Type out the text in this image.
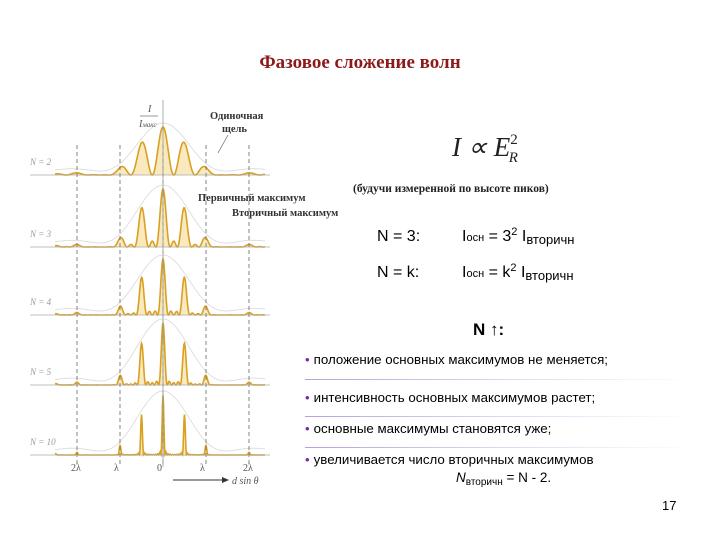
Фазовое сложение волн
I
Iмакс
Одиночная
щель
Первичный максимум
Вторичный максимум
N = 2
N = 3
N = 4
N = 5
N = 10
2λ	λ	0	λ	2λ
d sin θ
$I \propto E^2_R$
(будучи измеренной по высоте пиков)
N = 3:	Iосн = $3^2$ Iвторичн
N = k:	Iосн = $k^2$ Iвторичн
N ↑:
• положение основных максимумов не меняется;
• интенсивность основных максимумов растет;
• основные максимумы становятся уже;
• увеличивается число вторичных максимумов
$N_{вторичн} = N - 2$.
17
